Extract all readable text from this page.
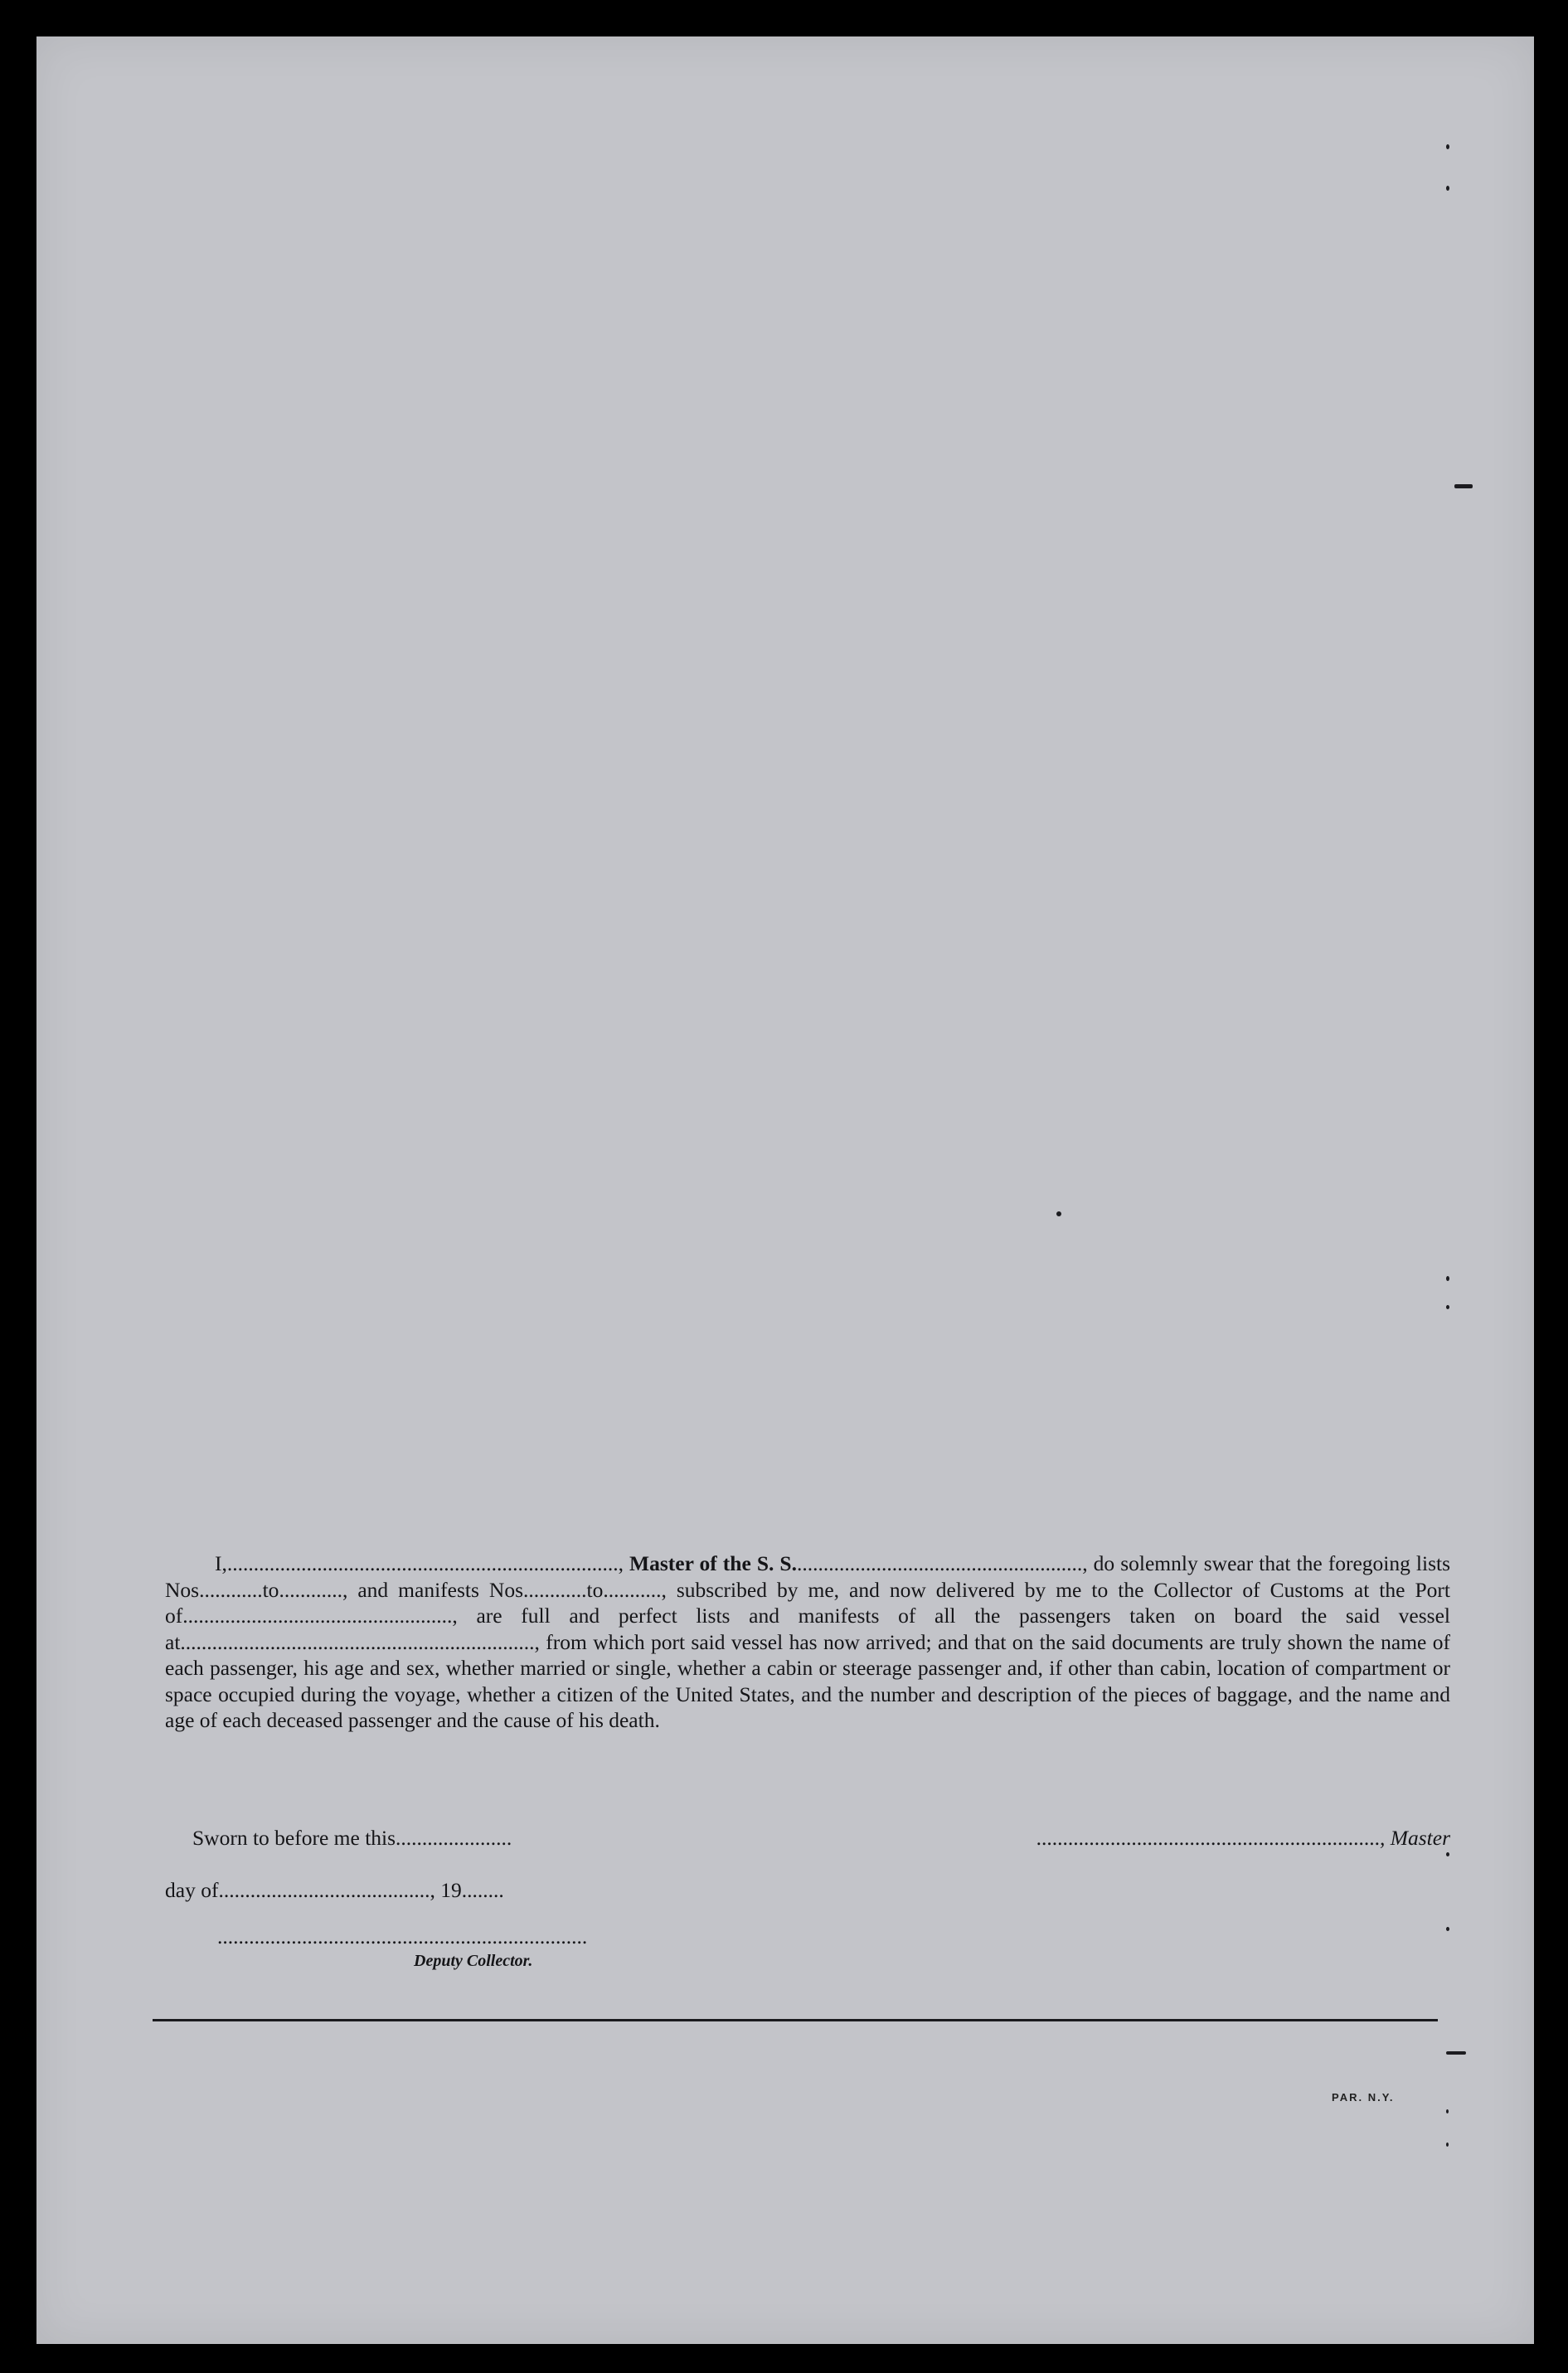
I,.........................................................................., Master of the S. S......................................................., do solemnly swear that the foregoing lists Nos............to............, and manifests Nos............to..........., subscribed by me, and now delivered by me to the Collector of Customs at the Port of..................................................., are full and perfect lists and manifests of all the passengers taken on board the said vessel at..................................................................., from which port said vessel has now arrived; and that on the said documents are truly shown the name of each passenger, his age and sex, whether married or single, whether a cabin or steerage passenger and, if other than cabin, location of compartment or space occupied during the voyage, whether a citizen of the United States, and the number and description of the pieces of baggage, and the name and age of each deceased passenger and the cause of his death.
Sworn to before me this......................	................................................................., Master
day of........................................, 19........
......................................................................
Deputy Collector.
PAR. N.Y.
